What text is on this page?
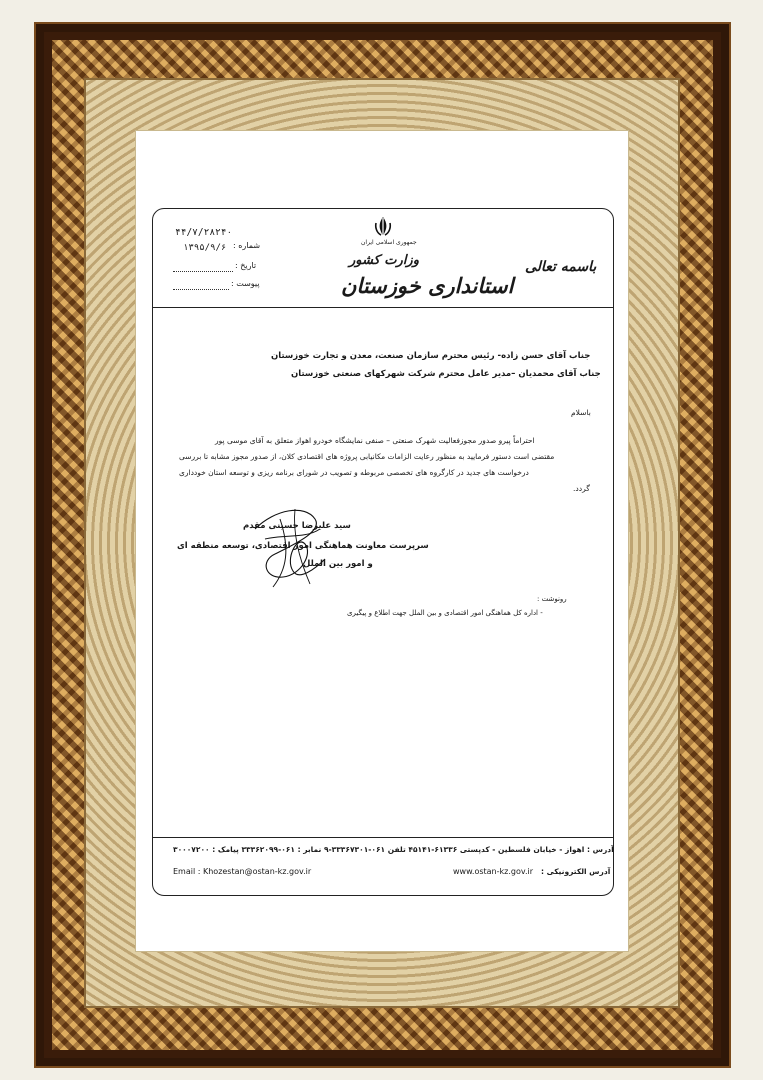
۴۴/۷/۲۸۲۴۰
۱۳۹۵/۹/۶ شماره :
تاریخ :
پیوست :
جمهوری اسلامی ایران
وزارت کشور
استانداری خوزستان
باسمه تعالی
جناب آقای حسن زاده- رئیس محترم سازمان صنعت، معدن و تجارت خوزستان
جناب آقای محمدیان –مدیر عامل محترم شرکت شهرکهای صنعتی خوزستان
باسلام
احتراماً پیرو صدور مجوزفعالیت شهرک صنعتی – صنفی نمایشگاه خودرو اهواز متعلق به آقای موسی پور
مقتضی است دستور فرمایید به منظور رعایت الزامات مکانیابی پروژه های اقتصادی کلان، از صدور مجوز مشابه تا بررسی
درخواست های جدید در کارگروه های تخصصی مربوطه و تصویب در شورای برنامه ریزی و توسعه استان خودداری
گردد.
سید علیرضا حسینی مقدم
سرپرست معاونت هماهنگی امور اقتصادی، توسعه منطقه ای
و امور بین الملل
رونوشت :
- اداره کل هماهنگی امور اقتصادی و بین الملل جهت اطلاع و پیگیری
آدرس : اهواز - خیابان فلسطین - کدپستی ۶۱۳۳۶-۴۵۱۴۱ تلفن ۰۶۱-۳۳۳۶۷۳۰۱-۹ نمابر : ۰۶۱-۳۳۳۶۲۰۹۹ پیامک : ۳۰۰۰۷۲۰۰
Email : Khozestan@ostan-kz.gov.ir	www.ostan-kz.gov.ir آدرس الکترونیکی :
